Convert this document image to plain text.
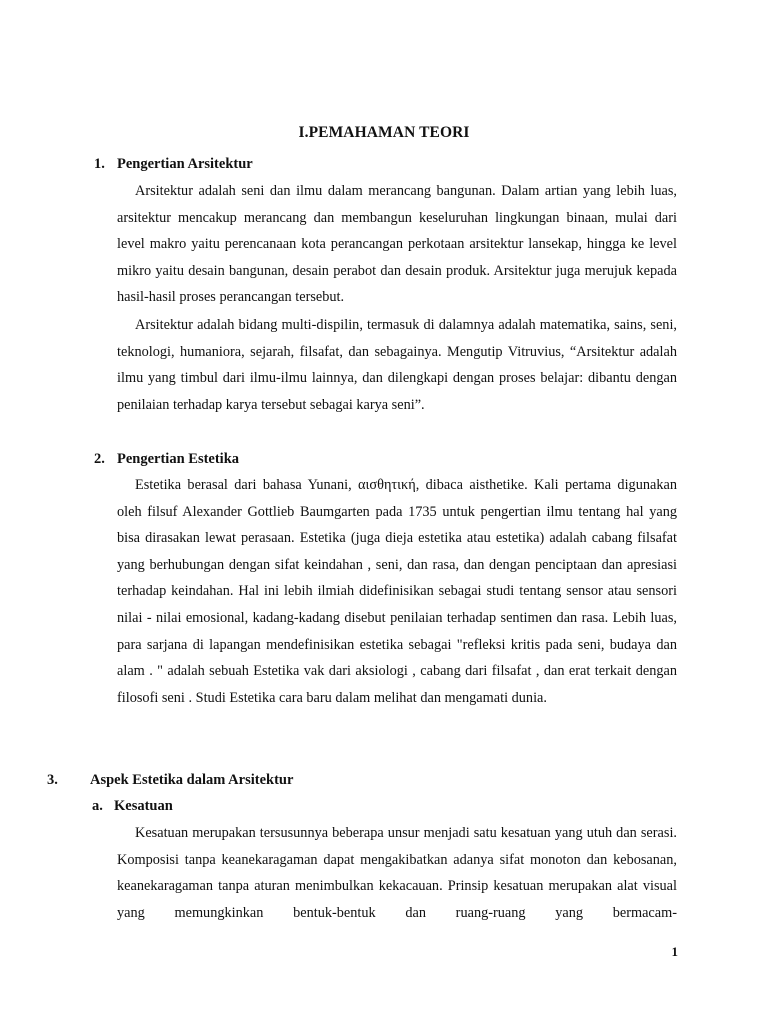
I.PEMAHAMAN TEORI
1. Pengertian Arsitektur

Arsitektur adalah seni dan ilmu dalam merancang bangunan. Dalam artian yang lebih luas, arsitektur mencakup merancang dan membangun keseluruhan lingkungan binaan, mulai dari level makro yaitu perencanaan kota perancangan perkotaan arsitektur lansekap, hingga ke level mikro yaitu desain bangunan, desain perabot dan desain produk. Arsitektur juga merujuk kepada hasil-hasil proses perancangan tersebut.

Arsitektur adalah bidang multi-dispilin, termasuk di dalamnya adalah matematika, sains, seni, teknologi, humaniora, sejarah, filsafat, dan sebagainya. Mengutip Vitruvius, “Arsitektur adalah ilmu yang timbul dari ilmu-ilmu lainnya, dan dilengkapi dengan proses belajar: dibantu dengan penilaian terhadap karya tersebut sebagai karya seni”.

2. Pengertian Estetika

Estetika berasal dari bahasa Yunani, αισθητική, dibaca aisthetike. Kali pertama digunakan oleh filsuf Alexander Gottlieb Baumgarten pada 1735 untuk pengertian ilmu tentang hal yang bisa dirasakan lewat perasaan. Estetika (juga dieja estetika atau estetika) adalah cabang filsafat yang berhubungan dengan sifat keindahan , seni, dan rasa, dan dengan penciptaan dan apresiasi terhadap keindahan. Hal ini lebih ilmiah didefinisikan sebagai studi tentang sensor atau sensori nilai - nilai emosional, kadang-kadang disebut penilaian terhadap sentimen dan rasa. Lebih luas, para sarjana di lapangan mendefinisikan estetika sebagai "refleksi kritis pada seni, budaya dan alam . " adalah sebuah Estetika vak dari aksiologi , cabang dari filsafat , dan erat terkait dengan filosofi seni . Studi Estetika cara baru dalam melihat dan mengamati dunia.

3. Aspek Estetika dalam Arsitektur
a. Kesatuan

Kesatuan merupakan tersusunnya beberapa unsur menjadi satu kesatuan yang utuh dan serasi. Komposisi tanpa keanekaragaman dapat mengakibatkan adanya sifat monoton dan kebosanan, keanekaragaman tanpa aturan menimbulkan kekacauan. Prinsip kesatuan merupakan alat visual yang memungkinkan bentuk-bentuk dan ruang-ruang yang bermacam-

1
